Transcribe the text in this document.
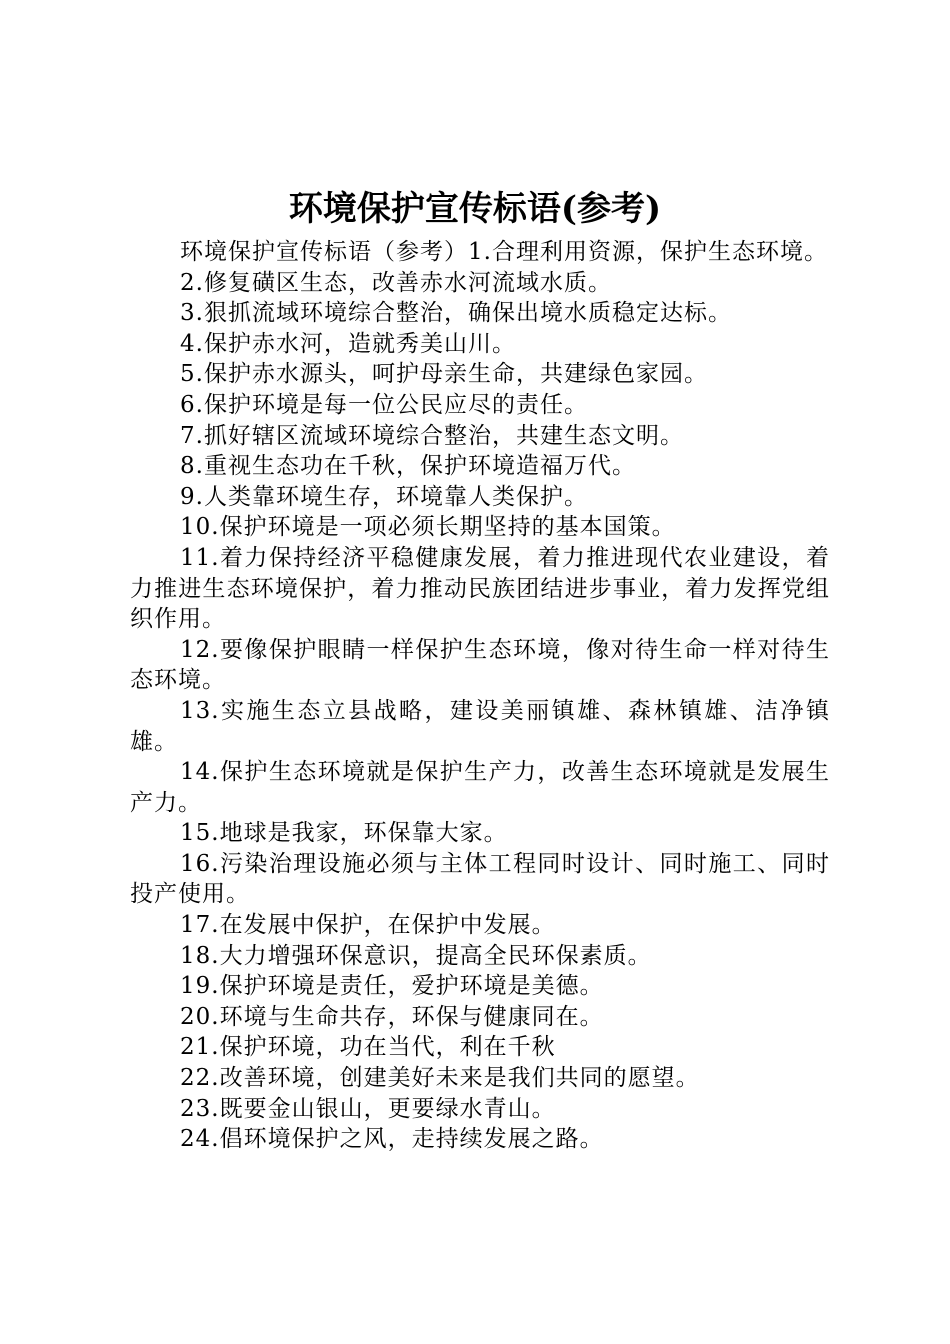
环境保护宣传标语(参考)

环境保护宣传标语（参考）1.合理利用资源，保护生态环境。

2.修复磺区生态，改善赤水河流域水质。

3.狠抓流域环境综合整治，确保出境水质稳定达标。

4.保护赤水河，造就秀美山川。

5.保护赤水源头，呵护母亲生命，共建绿色家园。

6.保护环境是每一位公民应尽的责任。

7.抓好辖区流域环境综合整治，共建生态文明。

8.重视生态功在千秋，保护环境造福万代。

9.人类靠环境生存，环境靠人类保护。

10.保护环境是一项必须长期坚持的基本国策。

11.着力保持经济平稳健康发展，着力推进现代农业建设，着力推进生态环境保护，着力推动民族团结进步事业，着力发挥党组织作用。

12.要像保护眼睛一样保护生态环境，像对待生命一样对待生态环境。

13.实施生态立县战略，建设美丽镇雄、森林镇雄、洁净镇雄。

14.保护生态环境就是保护生产力，改善生态环境就是发展生产力。

15.地球是我家，环保靠大家。

16.污染治理设施必须与主体工程同时设计、同时施工、同时投产使用。

17.在发展中保护，在保护中发展。

18.大力增强环保意识，提高全民环保素质。

19.保护环境是责任，爱护环境是美德。

20.环境与生命共存，环保与健康同在。

21.保护环境，功在当代，利在千秋

22.改善环境，创建美好未来是我们共同的愿望。

23.既要金山银山，更要绿水青山。

24.倡环境保护之风，走持续发展之路。
